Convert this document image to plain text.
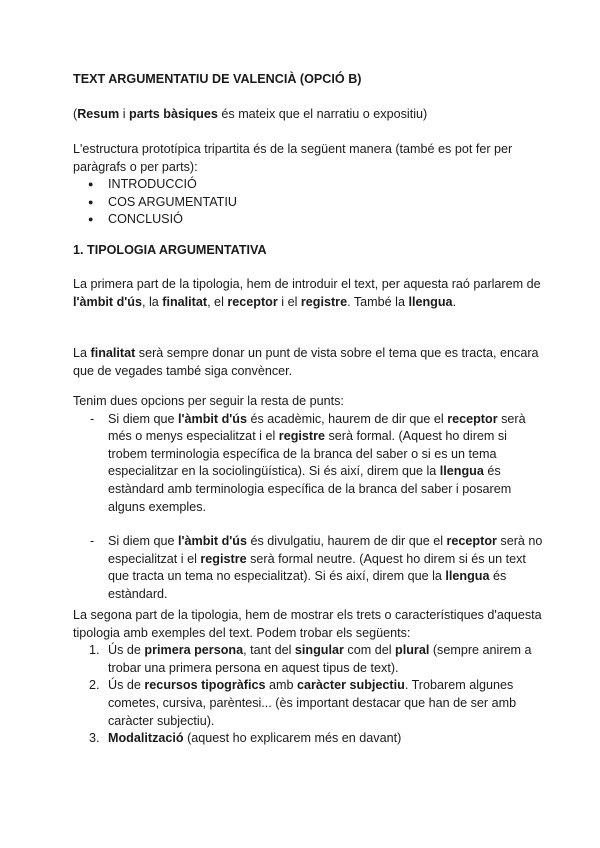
TEXT ARGUMENTATIU DE VALENCIÀ (OPCIÓ B)

(Resum i parts bàsiques és mateix que el narratiu o expositiu)

L'estructura prototípica tripartita és de la següent manera (també es pot fer per paràgrafs o per parts):

● INTRODUCCIÓ
● COS ARGUMENTATIU
● CONCLUSIÓ

1. TIPOLOGIA ARGUMENTATIVA

La primera part de la tipologia, hem de introduir el text, per aquesta raó parlarem de l'àmbit d'ús, la finalitat, el receptor i el registre. També la llengua.

La finalitat serà sempre donar un punt de vista sobre el tema que es tracta, encara que de vegades també siga convèncer.

Tenim dues opcions per seguir la resta de punts:

- Si diem que l'àmbit d'ús és acadèmic, haurem de dir que el receptor serà més o menys especialitzat i el registre serà formal. (Aquest ho direm si trobem terminologia específica de la branca del saber o si es un tema especialitzar en la sociolingüística). Si és així, direm que la llengua és estàndard amb terminologia específica de la branca del saber i posarem alguns exemples.
- Si diem que l'àmbit d'ús és divulgatiu, haurem de dir que el receptor serà no especialitzat i el registre serà formal neutre. (Aquest ho direm si és un text que tracta un tema no especialitzat). Si és així, direm que la llengua és estàndard.

La segona part de la tipologia, hem de mostrar els trets o característiques d'aquesta tipologia amb exemples del text. Podem trobar els següents:

1. Ús de primera persona, tant del singular com del plural (sempre anirem a trobar una primera persona en aquest tipus de text).
2. Ús de recursos tipogràfics amb caràcter subjectiu. Trobarem algunes cometes, cursiva, parèntesi... (ès important destacar que han de ser amb caràcter subjectiu).
3. Modalització (aquest ho explicarem més en davant)
